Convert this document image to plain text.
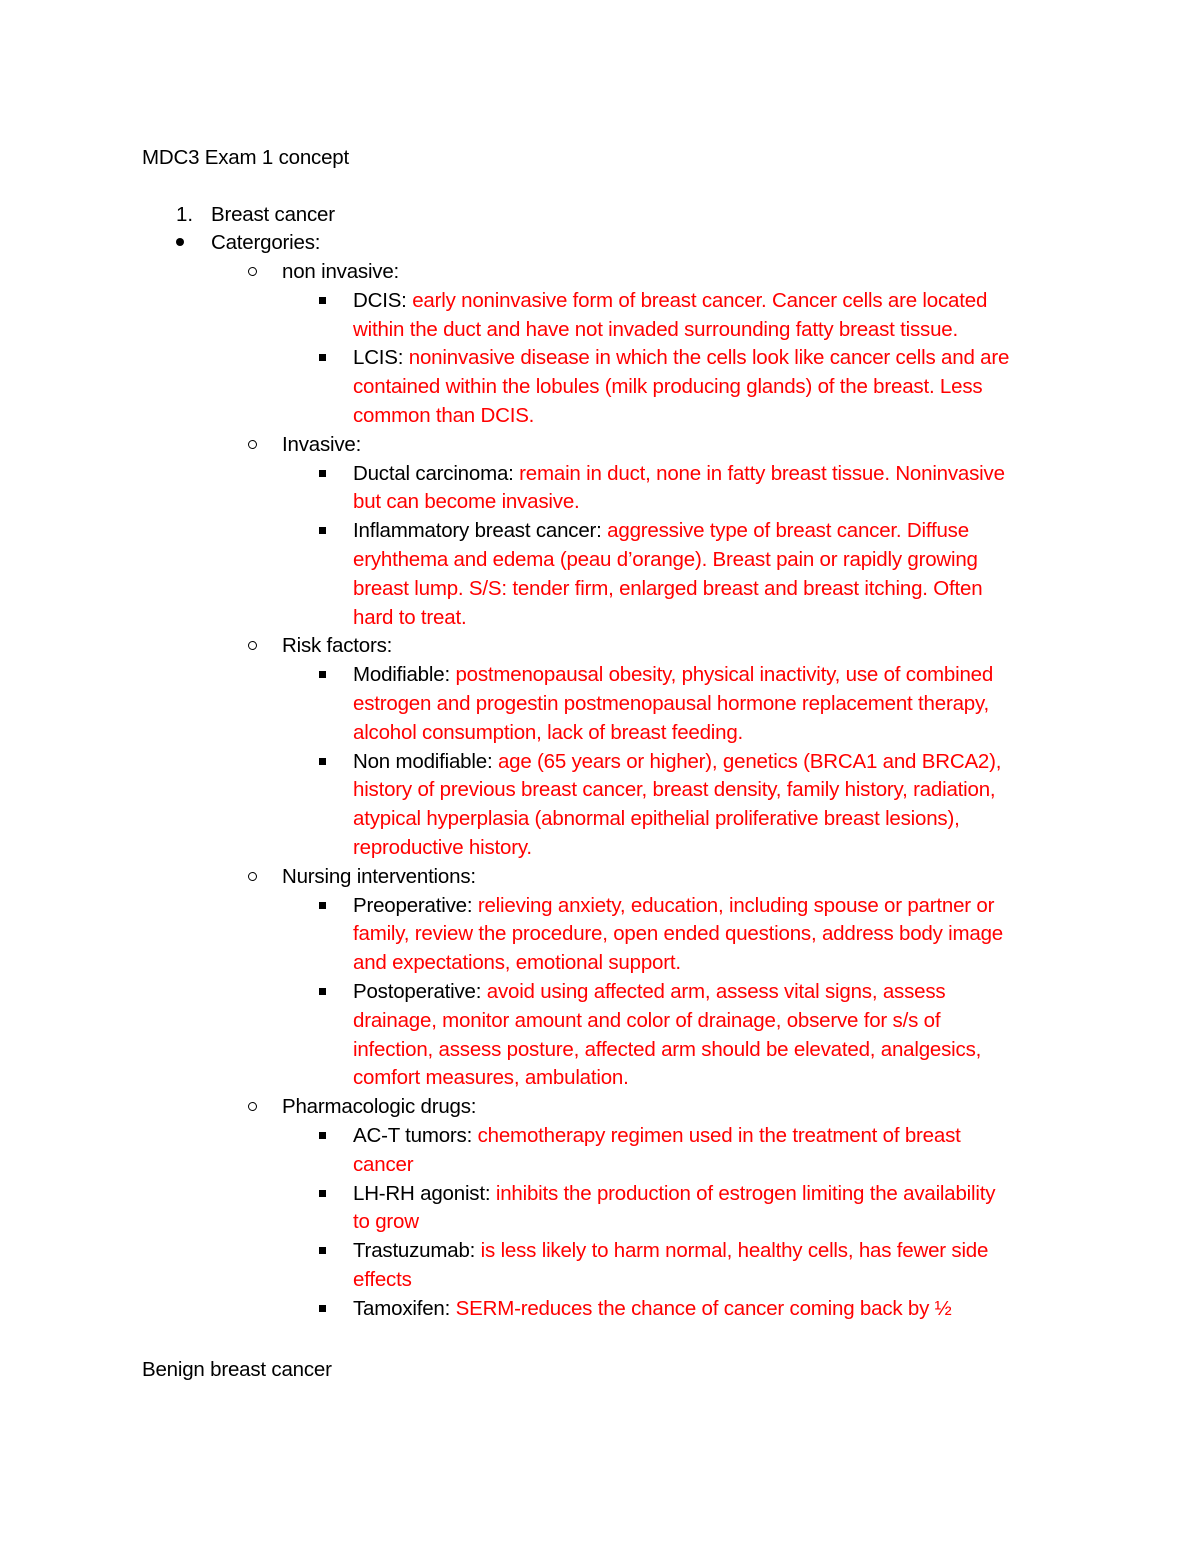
MDC3 Exam 1 concept
1. Breast cancer
Catergories:
non invasive:
DCIS: early noninvasive form of breast cancer. Cancer cells are located
within the duct and have not invaded surrounding fatty breast tissue.
LCIS: noninvasive disease in which the cells look like cancer cells and are
contained within the lobules (milk producing glands) of the breast. Less
common than DCIS.
Invasive:
Ductal carcinoma: remain in duct, none in fatty breast tissue. Noninvasive
but can become invasive.
Inflammatory breast cancer: aggressive type of breast cancer. Diffuse
eryhthema and edema (peau d’orange). Breast pain or rapidly growing
breast lump. S/S: tender firm, enlarged breast and breast itching. Often
hard to treat.
Risk factors:
Modifiable: postmenopausal obesity, physical inactivity, use of combined
estrogen and progestin postmenopausal hormone replacement therapy,
alcohol consumption, lack of breast feeding.
Non modifiable: age (65 years or higher), genetics (BRCA1 and BRCA2),
history of previous breast cancer, breast density, family history, radiation,
atypical hyperplasia (abnormal epithelial proliferative breast lesions),
reproductive history.
Nursing interventions:
Preoperative: relieving anxiety, education, including spouse or partner or
family, review the procedure, open ended questions, address body image
and expectations, emotional support.
Postoperative: avoid using affected arm, assess vital signs, assess
drainage, monitor amount and color of drainage, observe for s/s of
infection, assess posture, affected arm should be elevated, analgesics,
comfort measures, ambulation.
Pharmacologic drugs:
AC-T tumors: chemotherapy regimen used in the treatment of breast
cancer
LH-RH agonist: inhibits the production of estrogen limiting the availability
to grow
Trastuzumab: is less likely to harm normal, healthy cells, has fewer side
effects
Tamoxifen: SERM-reduces the chance of cancer coming back by ½
Benign breast cancer
